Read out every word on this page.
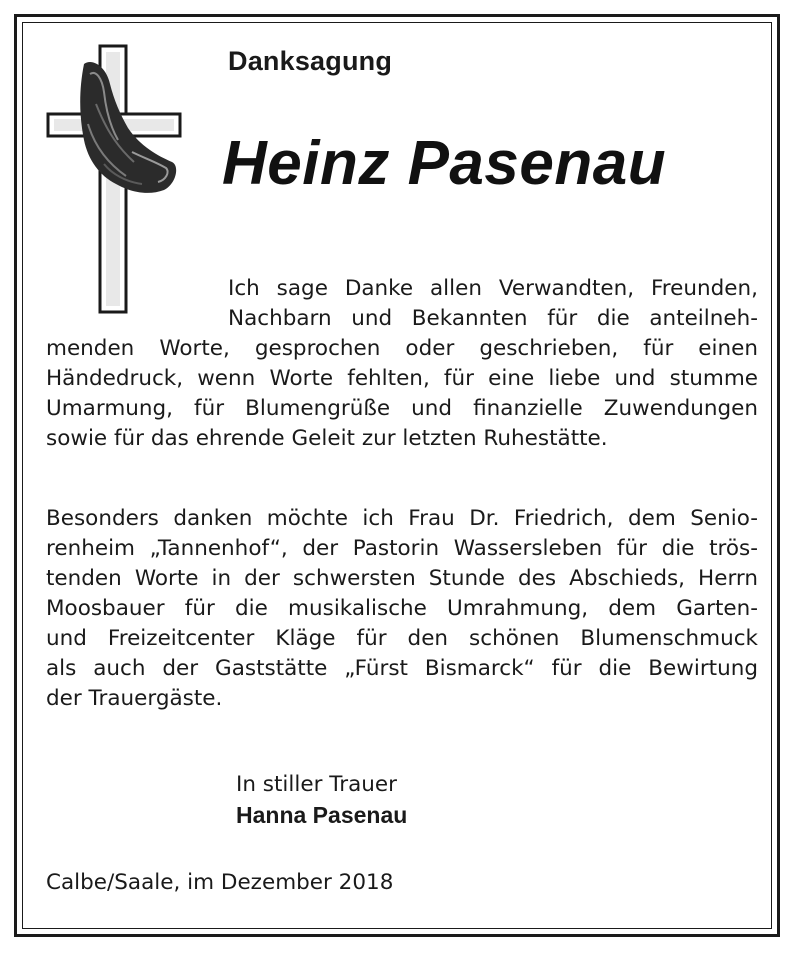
Danksagung
Heinz Pasenau
Ich sage Danke allen Verwandten, Freunden,
Nachbarn und Bekannten für die anteilneh-
menden Worte, gesprochen oder geschrieben, für einen
Händedruck, wenn Worte fehlten, für eine liebe und stumme
Umarmung, für Blumengrüße und finanzielle Zuwendungen
sowie für das ehrende Geleit zur letzten Ruhestätte.
Besonders danken möchte ich Frau Dr. Friedrich, dem Senio-
renheim „Tannenhof“, der Pastorin Wassersleben für die trös-
tenden Worte in der schwersten Stunde des Abschieds, Herrn
Moosbauer für die musikalische Umrahmung, dem Garten-
und Freizeitcenter Kläge für den schönen Blumenschmuck
als auch der Gaststätte „Fürst Bismarck“ für die Bewirtung
der Trauergäste.
In stiller Trauer
Hanna Pasenau
Calbe/Saale, im Dezember 2018
